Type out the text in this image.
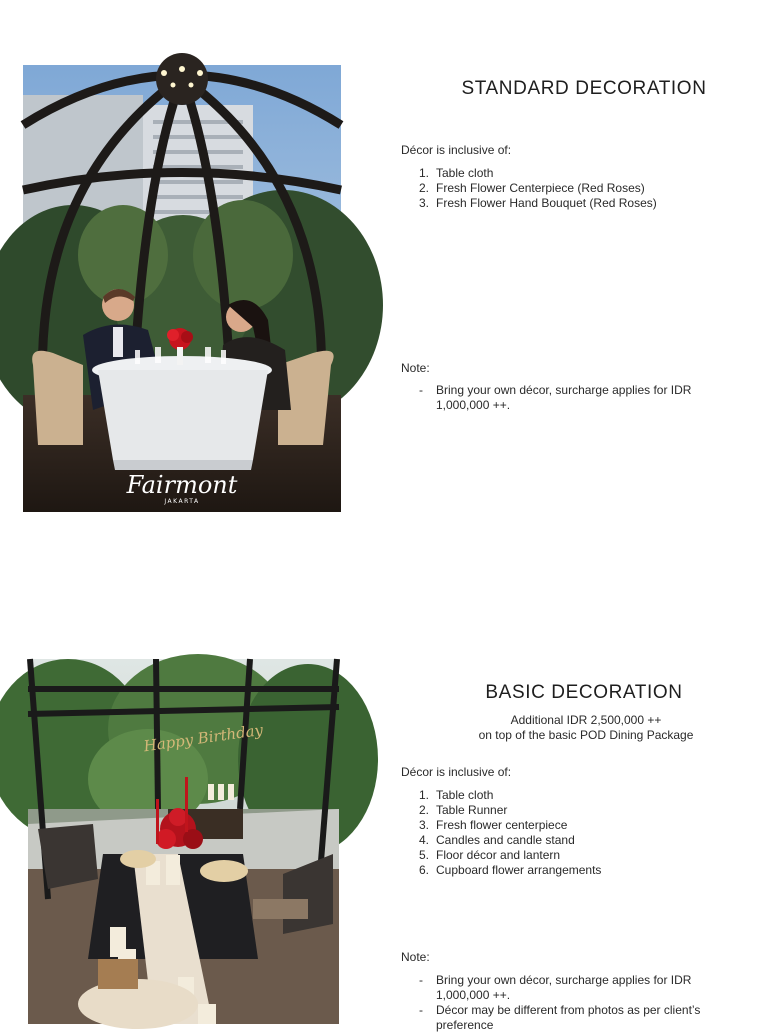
Fairmont
JAKARTA
STANDARD DECORATION
Décor is inclusive of:
1. Table cloth
2. Fresh Flower Centerpiece (Red Roses)
3. Fresh Flower Hand Bouquet (Red Roses)
Note:
- Bring your own décor, surcharge applies for IDR 1,000,000 ++.
Happy Birthday
BASIC DECORATION
Additional IDR 2,500,000 ++
on top of the basic POD Dining Package
Décor is inclusive of:
1. Table cloth
2. Table Runner
3. Fresh flower centerpiece
4. Candles and candle stand
5. Floor décor and lantern
6. Cupboard flower arrangements
Note:
- Bring your own décor, surcharge applies for IDR 1,000,000 ++.
- Décor may be different from photos as per client’s preference
